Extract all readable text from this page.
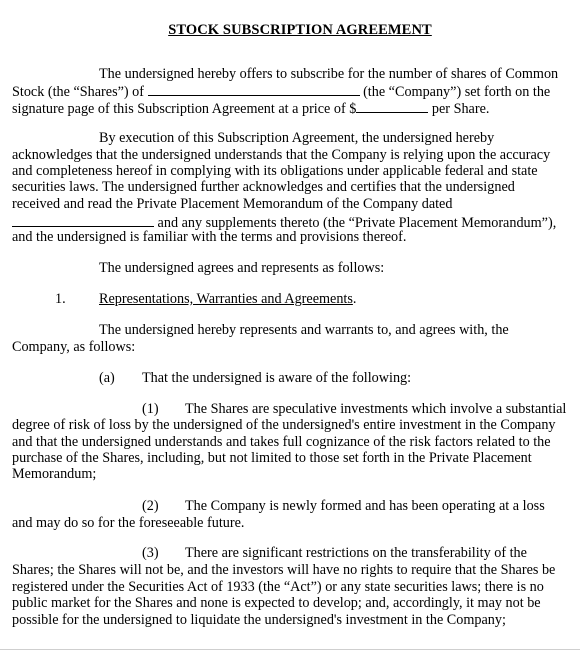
STOCK SUBSCRIPTION AGREEMENT
The undersigned hereby offers to subscribe for the number of shares of Common
Stock (the “Shares”) of	(the “Company”) set forth on the
signature page of this Subscription Agreement at a price of $	per Share.
By execution of this Subscription Agreement, the undersigned hereby
acknowledges that the undersigned understands that the Company is relying upon the accuracy
and completeness hereof in complying with its obligations under applicable federal and state
securities laws. The undersigned further acknowledges and certifies that the undersigned
received and read the Private Placement Memorandum of the Company dated
and any supplements thereto (the “Private Placement Memorandum”),
and the undersigned is familiar with the terms and provisions thereof.
The undersigned agrees and represents as follows:
1. Representations, Warranties and Agreements.
The undersigned hereby represents and warrants to, and agrees with, the
Company, as follows:
(a) That the undersigned is aware of the following:
(1) The Shares are speculative investments which involve a substantial
degree of risk of loss by the undersigned of the undersigned's entire investment in the Company
and that the undersigned understands and takes full cognizance of the risk factors related to the
purchase of the Shares, including, but not limited to those set forth in the Private Placement
Memorandum;
(2) The Company is newly formed and has been operating at a loss
and may do so for the foreseeable future.
(3) There are significant restrictions on the transferability of the
Shares; the Shares will not be, and the investors will have no rights to require that the Shares be
registered under the Securities Act of 1933 (the “Act”) or any state securities laws; there is no
public market for the Shares and none is expected to develop; and, accordingly, it may not be
possible for the undersigned to liquidate the undersigned's investment in the Company;
